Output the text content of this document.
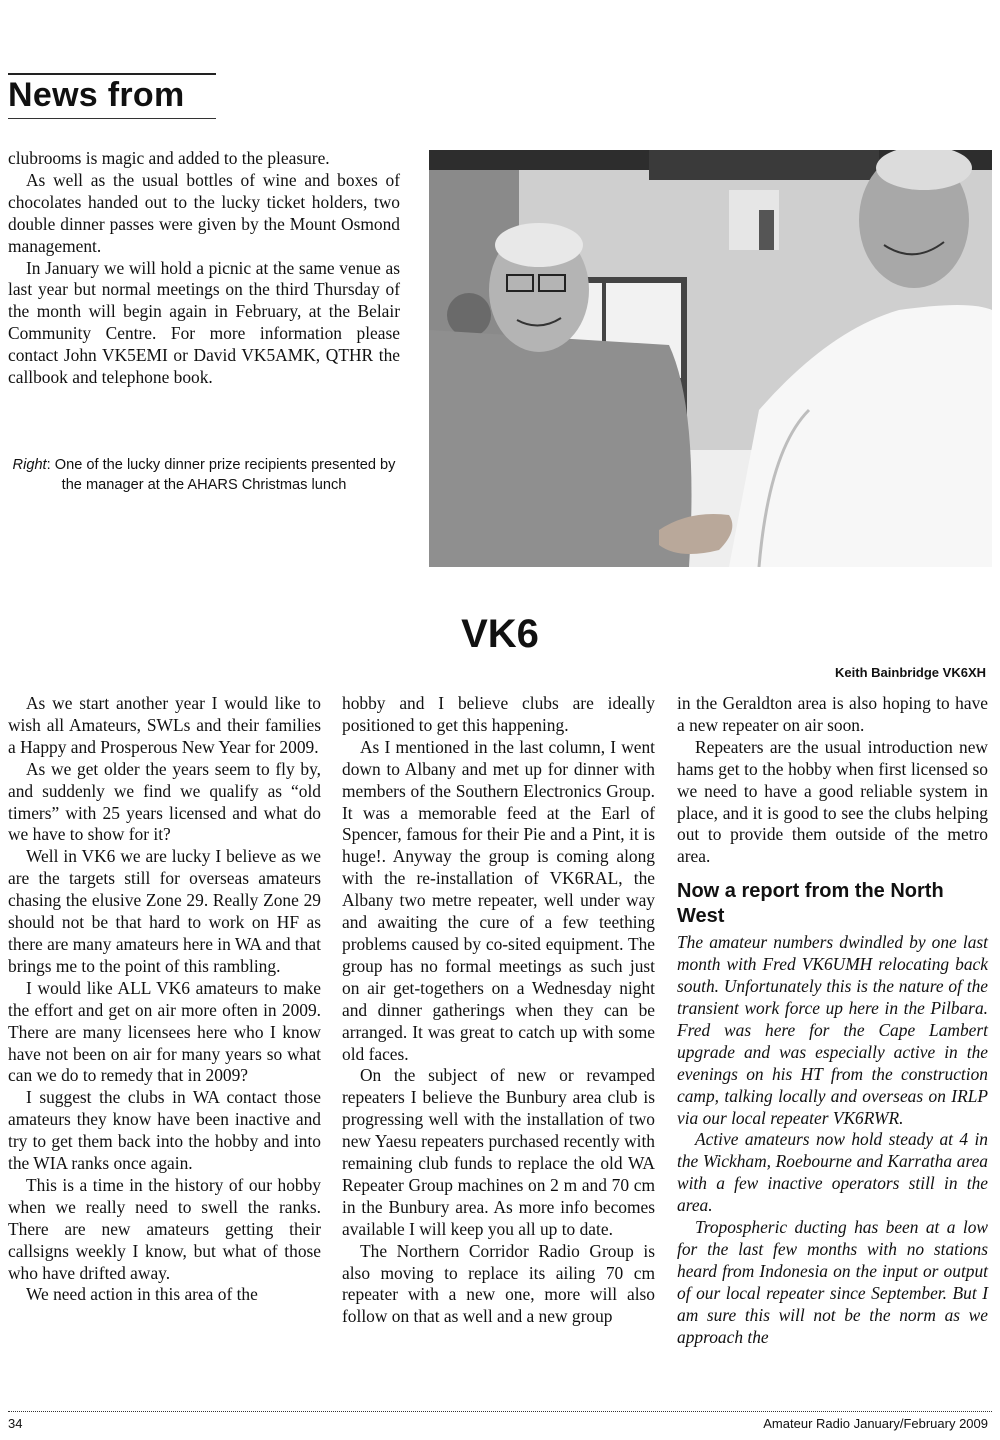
News from

clubrooms is magic and added to the pleasure.

As well as the usual bottles of wine and boxes of chocolates handed out to the lucky ticket holders, two double dinner passes were given by the Mount Osmond management.

In January we will hold a picnic at the same venue as last year but normal meetings on the third Thursday of the month will begin again in February, at the Belair Community Centre. For more information please contact John VK5EMI or David VK5AMK, QTHR the callbook and telephone book.

Right: One of the lucky dinner prize recipients presented by the manager at the AHARS Christmas lunch
VK6
Keith Bainbridge VK6XH

As we start another year I would like to wish all Amateurs, SWLs and their families a Happy and Prosperous New Year for 2009.

As we get older the years seem to fly by, and suddenly we find we qualify as “old timers” with 25 years licensed and what do we have to show for it?

Well in VK6 we are lucky I believe as we are the targets still for overseas amateurs chasing the elusive Zone 29. Really Zone 29 should not be that hard to work on HF as there are many amateurs here in WA and that brings me to the point of this rambling.

I would like ALL VK6 amateurs to make the effort and get on air more often in 2009. There are many licensees here who I know have not been on air for many years so what can we do to remedy that in 2009?

I suggest the clubs in WA contact those amateurs they know have been inactive and try to get them back into the hobby and into the WIA ranks once again.

This is a time in the history of our hobby when we really need to swell the ranks. There are new amateurs getting their callsigns weekly I know, but what of those who have drifted away.

We need action in this area of the

hobby and I believe clubs are ideally positioned to get this happening.

As I mentioned in the last column, I went down to Albany and met up for dinner with members of the Southern Electronics Group. It was a memorable feed at the Earl of Spencer, famous for their Pie and a Pint, it is huge!. Anyway the group is coming along with the re-installation of VK6RAL, the Albany two metre repeater, well under way and awaiting the cure of a few teething problems caused by co-sited equipment. The group has no formal meetings as such just on air get-togethers on a Wednesday night and dinner gatherings when they can be arranged. It was great to catch up with some old faces.

On the subject of new or revamped repeaters I believe the Bunbury area club is progressing well with the installation of two new Yaesu repeaters purchased recently with remaining club funds to replace the old WA Repeater Group machines on 2 m and 70 cm in the Bunbury area. As more info becomes available I will keep you all up to date.

The Northern Corridor Radio Group is also moving to replace its ailing 70 cm repeater with a new one, more will also follow on that as well and a new group

in the Geraldton area is also hoping to have a new repeater on air soon.

Repeaters are the usual introduction new hams get to the hobby when first licensed so we need to have a good reliable system in place, and it is good to see the clubs helping out to provide them outside of the metro area.

Now a report from the North West

The amateur numbers dwindled by one last month with Fred VK6UMH relocating back south. Unfortunately this is the nature of the transient work force up here in the Pilbara. Fred was here for the Cape Lambert upgrade and was especially active in the evenings on his HT from the construction camp, talking locally and overseas on IRLP via our local repeater VK6RWR.

Active amateurs now hold steady at 4 in the Wickham, Roebourne and Karratha area with a few inactive operators still in the area.

Tropospheric ducting has been at a low for the last few months with no stations heard from Indonesia on the input or output of our local repeater since September. But I am sure this will not be the norm as we approach the

34	Amateur Radio January/February 2009
